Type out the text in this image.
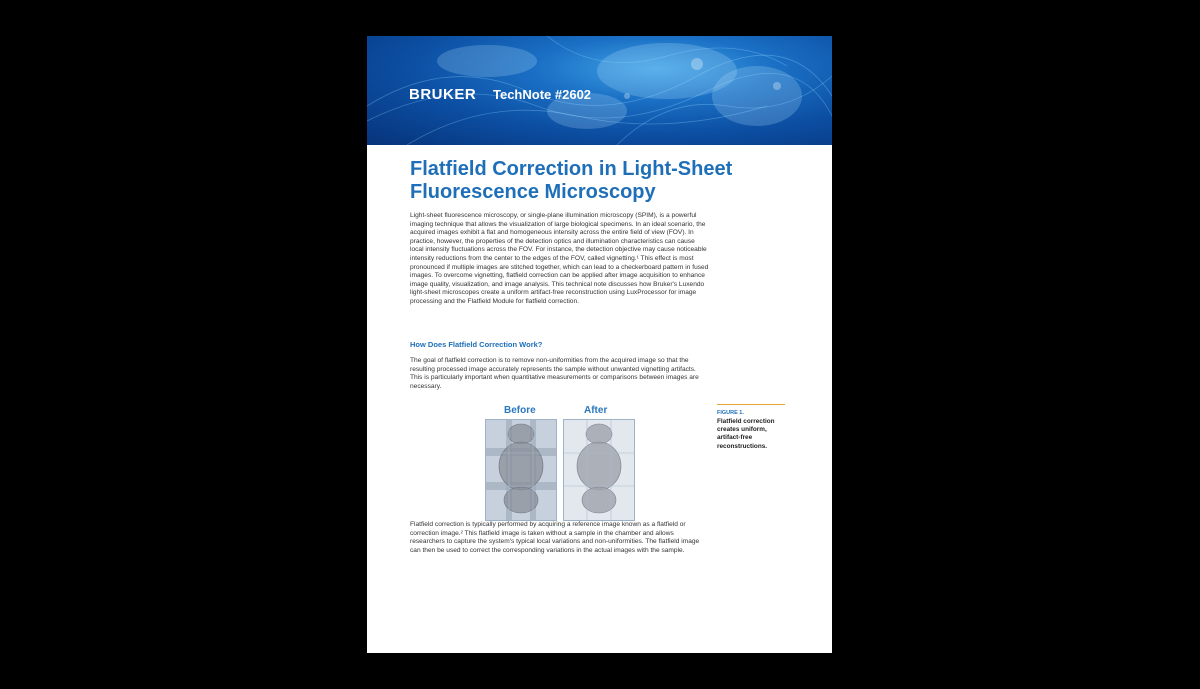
BRUKER TechNote #2602
Flatfield Correction in Light-Sheet Fluorescence Microscopy

Light-sheet fluorescence microscopy, or single-plane illumination microscopy (SPIM), is a powerful imaging technique that allows the visualization of large biological specimens. In an ideal scenario, the acquired images exhibit a flat and homogeneous intensity across the entire field of view (FOV). In practice, however, the properties of the detection optics and illumination characteristics can cause local intensity fluctuations across the FOV. For instance, the detection objective may cause noticeable intensity reductions from the center to the edges of the FOV, called vignetting.¹ This effect is most pronounced if multiple images are stitched together, which can lead to a checkerboard pattern in fused images. To overcome vignetting, flatfield correction can be applied after image acquisition to enhance image quality, visualization, and image analysis. This technical note discusses how Bruker's Luxendo light-sheet microscopes create a uniform artifact-free reconstruction using LuxProcessor for image processing and the Flatfield Module for flatfield correction.

How Does Flatfield Correction Work?

The goal of flatfield correction is to remove non-uniformities from the acquired image so that the resulting processed image accurately represents the sample without unwanted vignetting artifacts. This is particularly important when quantitative measurements or comparisons between images are necessary.

Before	After	FIGURE 1.
Flatfield correction creates uniform, artifact-free reconstructions.

Flatfield correction is typically performed by acquiring a reference image known as a flatfield or correction image.² This flatfield image is taken without a sample in the chamber and allows researchers to capture the system's typical local variations and non-uniformities. The flatfield image can then be used to correct the corresponding variations in the actual images with the sample.
